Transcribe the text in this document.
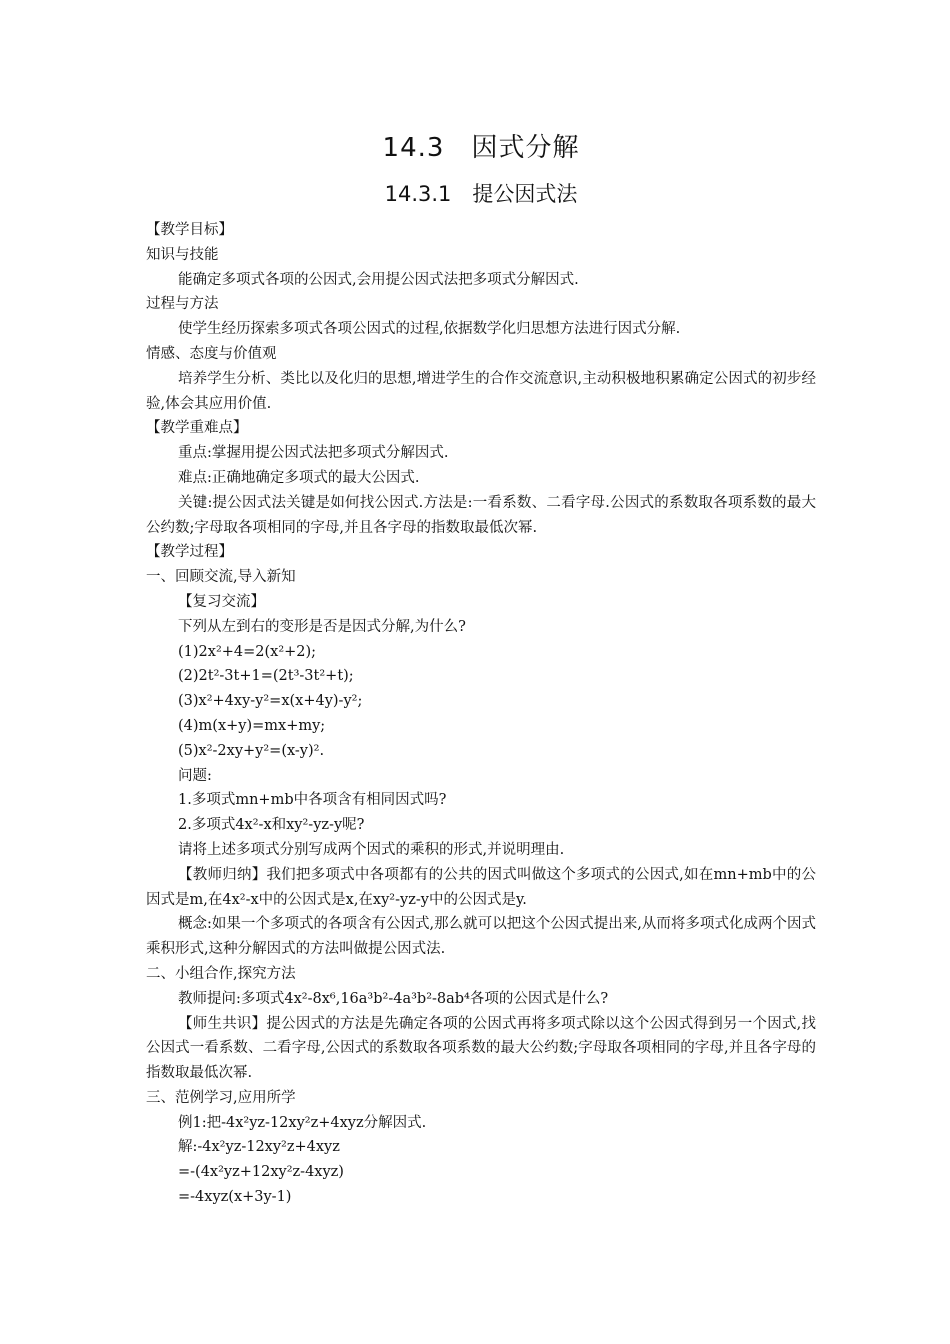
14.3　因式分解
14.3.1　提公因式法
【教学目标】
知识与技能
能确定多项式各项的公因式,会用提公因式法把多项式分解因式.
过程与方法
使学生经历探索多项式各项公因式的过程,依据数学化归思想方法进行因式分解.
情感、态度与价值观
培养学生分析、类比以及化归的思想,增进学生的合作交流意识,主动积极地积累确定公因式的初步经验,体会其应用价值.
【教学重难点】
重点:掌握用提公因式法把多项式分解因式.
难点:正确地确定多项式的最大公因式.
关键:提公因式法关键是如何找公因式.方法是:一看系数、二看字母.公因式的系数取各项系数的最大公约数;字母取各项相同的字母,并且各字母的指数取最低次幂.
【教学过程】
一、回顾交流,导入新知
【复习交流】
下列从左到右的变形是否是因式分解,为什么?
(1)2x²+4=2(x²+2);
(2)2t²-3t+1=(2t³-3t²+t);
(3)x²+4xy-y²=x(x+4y)-y²;
(4)m(x+y)=mx+my;
(5)x²-2xy+y²=(x-y)².
问题:
1.多项式mn+mb中各项含有相同因式吗?
2.多项式4x²-x和xy²-yz-y呢?
请将上述多项式分别写成两个因式的乘积的形式,并说明理由.
【教师归纳】我们把多项式中各项都有的公共的因式叫做这个多项式的公因式,如在mn+mb中的公因式是m,在4x²-x中的公因式是x,在xy²-yz-y中的公因式是y.
概念:如果一个多项式的各项含有公因式,那么就可以把这个公因式提出来,从而将多项式化成两个因式乘积形式,这种分解因式的方法叫做提公因式法.
二、小组合作,探究方法
教师提问:多项式4x²-8x⁶,16a³b²-4a³b²-8ab⁴各项的公因式是什么?
【师生共识】提公因式的方法是先确定各项的公因式再将多项式除以这个公因式得到另一个因式,找公因式一看系数、二看字母,公因式的系数取各项系数的最大公约数;字母取各项相同的字母,并且各字母的指数取最低次幂.
三、范例学习,应用所学
例1:把-4x²yz-12xy²z+4xyz分解因式.
解:-4x²yz-12xy²z+4xyz
=-(4x²yz+12xy²z-4xyz)
=-4xyz(x+3y-1)
